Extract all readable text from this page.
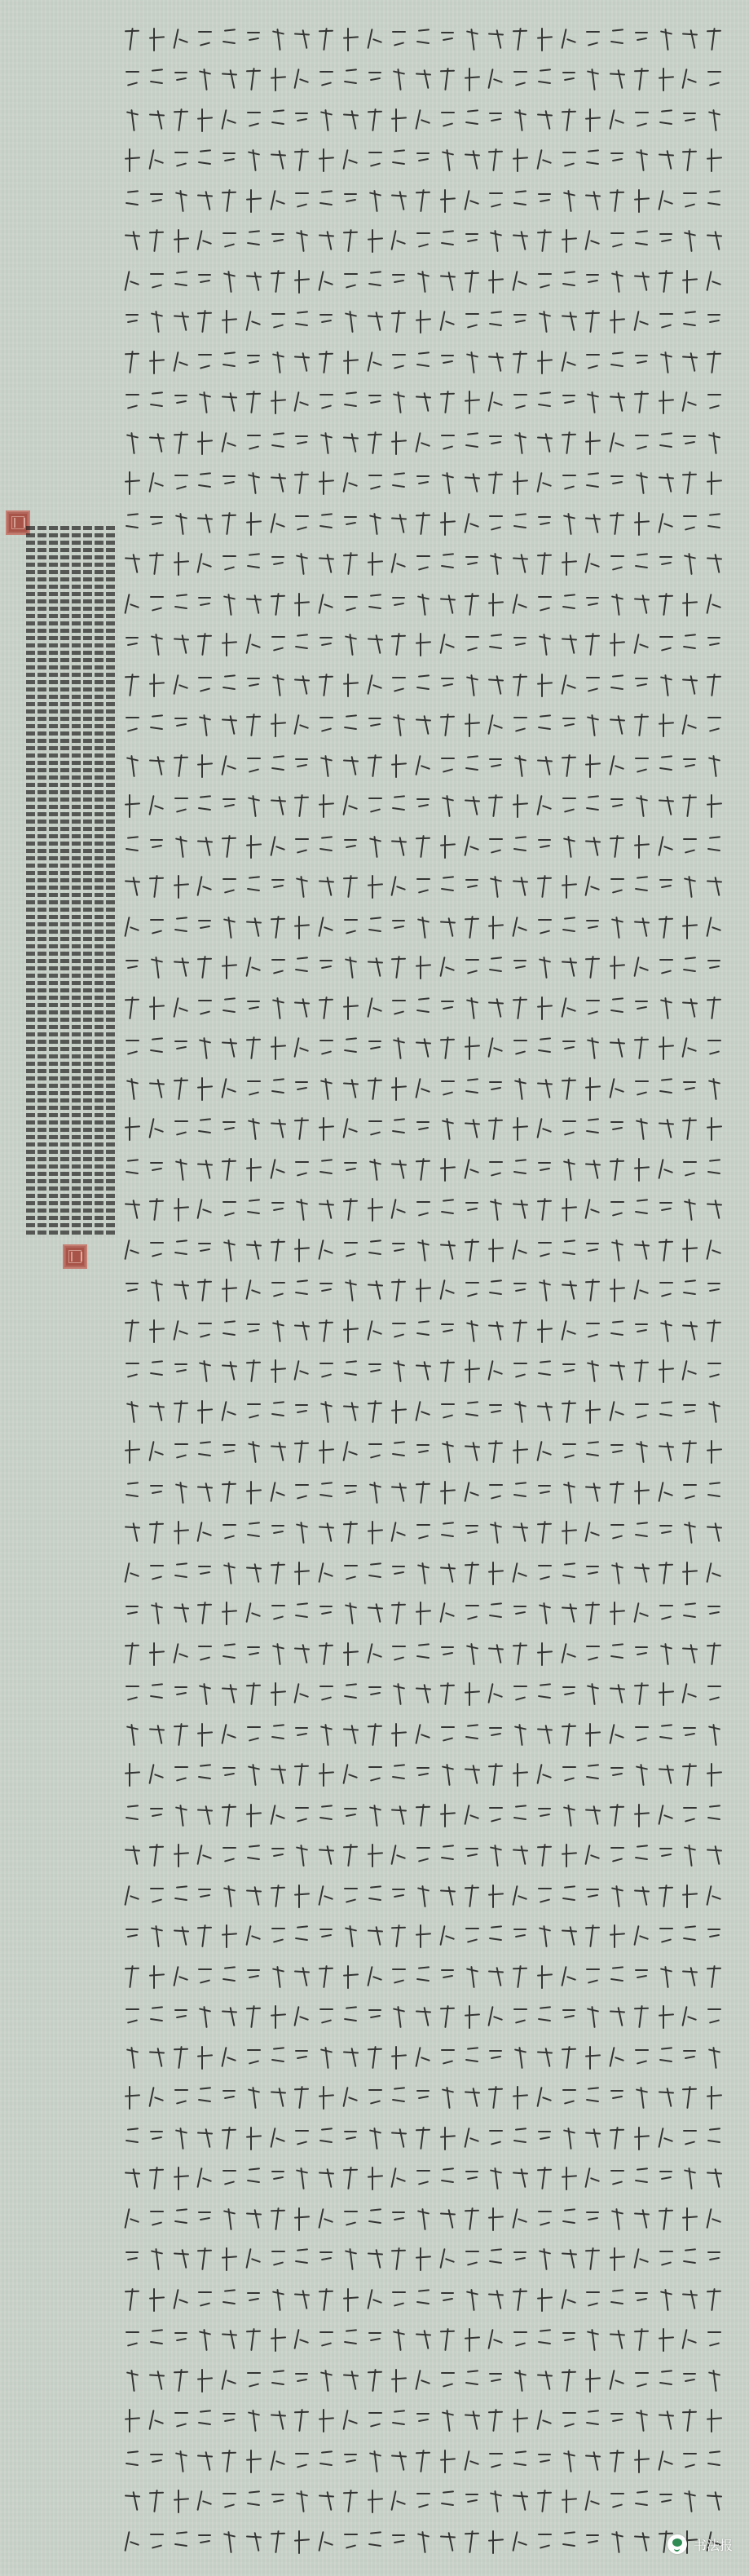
书法报
